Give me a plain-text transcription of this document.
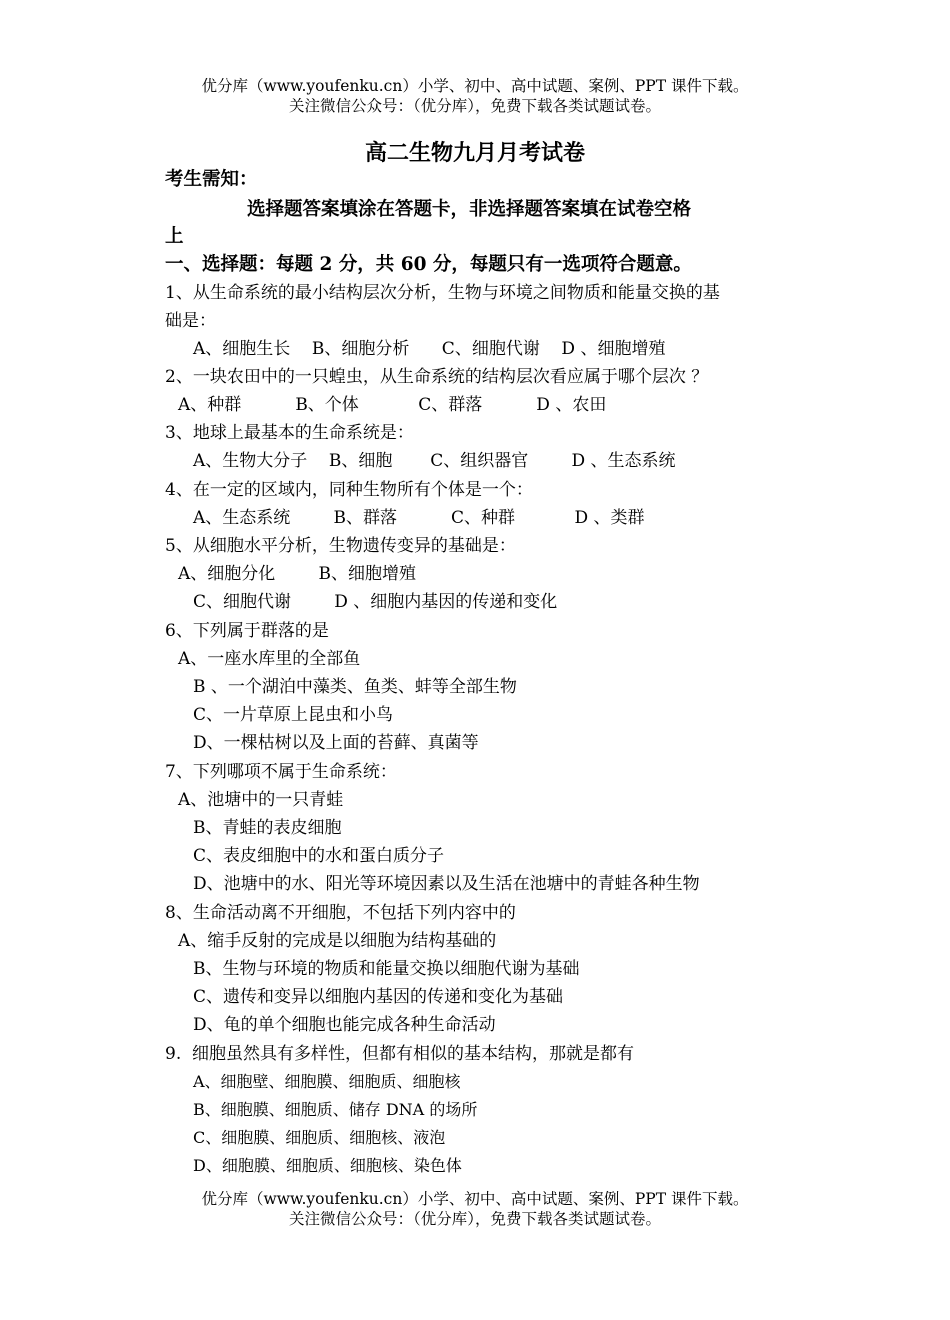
优分库（www.youfenku.cn）小学、初中、高中试题、案例、PPT 课件下载。
关注微信公众号：（优分库），免费下载各类试题试卷。
高二生物九月月考试卷
考生需知：
选择题答案填涂在答题卡，非选择题答案填在试卷空格
上
一、选择题：每题 2 分，共 60 分，每题只有一选项符合题意。
1、从生命系统的最小结构层次分析，生物与环境之间物质和能量交换的基
础是：
A、细胞生长    B、细胞分析      C、细胞代谢    D 、细胞增殖
2、一块农田中的一只蝗虫，从生命系统的结构层次看应属于哪个层次 ？
A、种群          B、个体           C、群落          D 、农田
3、地球上最基本的生命系统是：
A、生物大分子    B、细胞       C、组织器官        D 、生态系统
4、在一定的区域内，同种生物所有个体是一个：
A、生态系统        B、群落          C、种群           D 、类群
5、从细胞水平分析，生物遗传变异的基础是：
A、细胞分化        B、细胞增殖
C、细胞代谢        D 、细胞内基因的传递和变化
6、下列属于群落的是
A、一座水库里的全部鱼
B 、一个湖泊中藻类、鱼类、蚌等全部生物
C、一片草原上昆虫和小鸟
D、一棵枯树以及上面的苔藓、真菌等
7、下列哪项不属于生命系统：
A、池塘中的一只青蛙
B、青蛙的表皮细胞
C、表皮细胞中的水和蛋白质分子
D、池塘中的水、阳光等环境因素以及生活在池塘中的青蛙各种生物
8、生命活动离不开细胞，不包括下列内容中的
A、缩手反射的完成是以细胞为结构基础的
B、生物与环境的物质和能量交换以细胞代谢为基础
C、遗传和变异以细胞内基因的传递和变化为基础
D、龟的单个细胞也能完成各种生命活动
9.  细胞虽然具有多样性，但都有相似的基本结构，那就是都有
A、细胞壁、细胞膜、细胞质、细胞核
B、细胞膜、细胞质、储存 DNA 的场所
C、细胞膜、细胞质、细胞核、液泡
D、细胞膜、细胞质、细胞核、染色体
优分库（www.youfenku.cn）小学、初中、高中试题、案例、PPT 课件下载。
关注微信公众号：（优分库），免费下载各类试题试卷。
